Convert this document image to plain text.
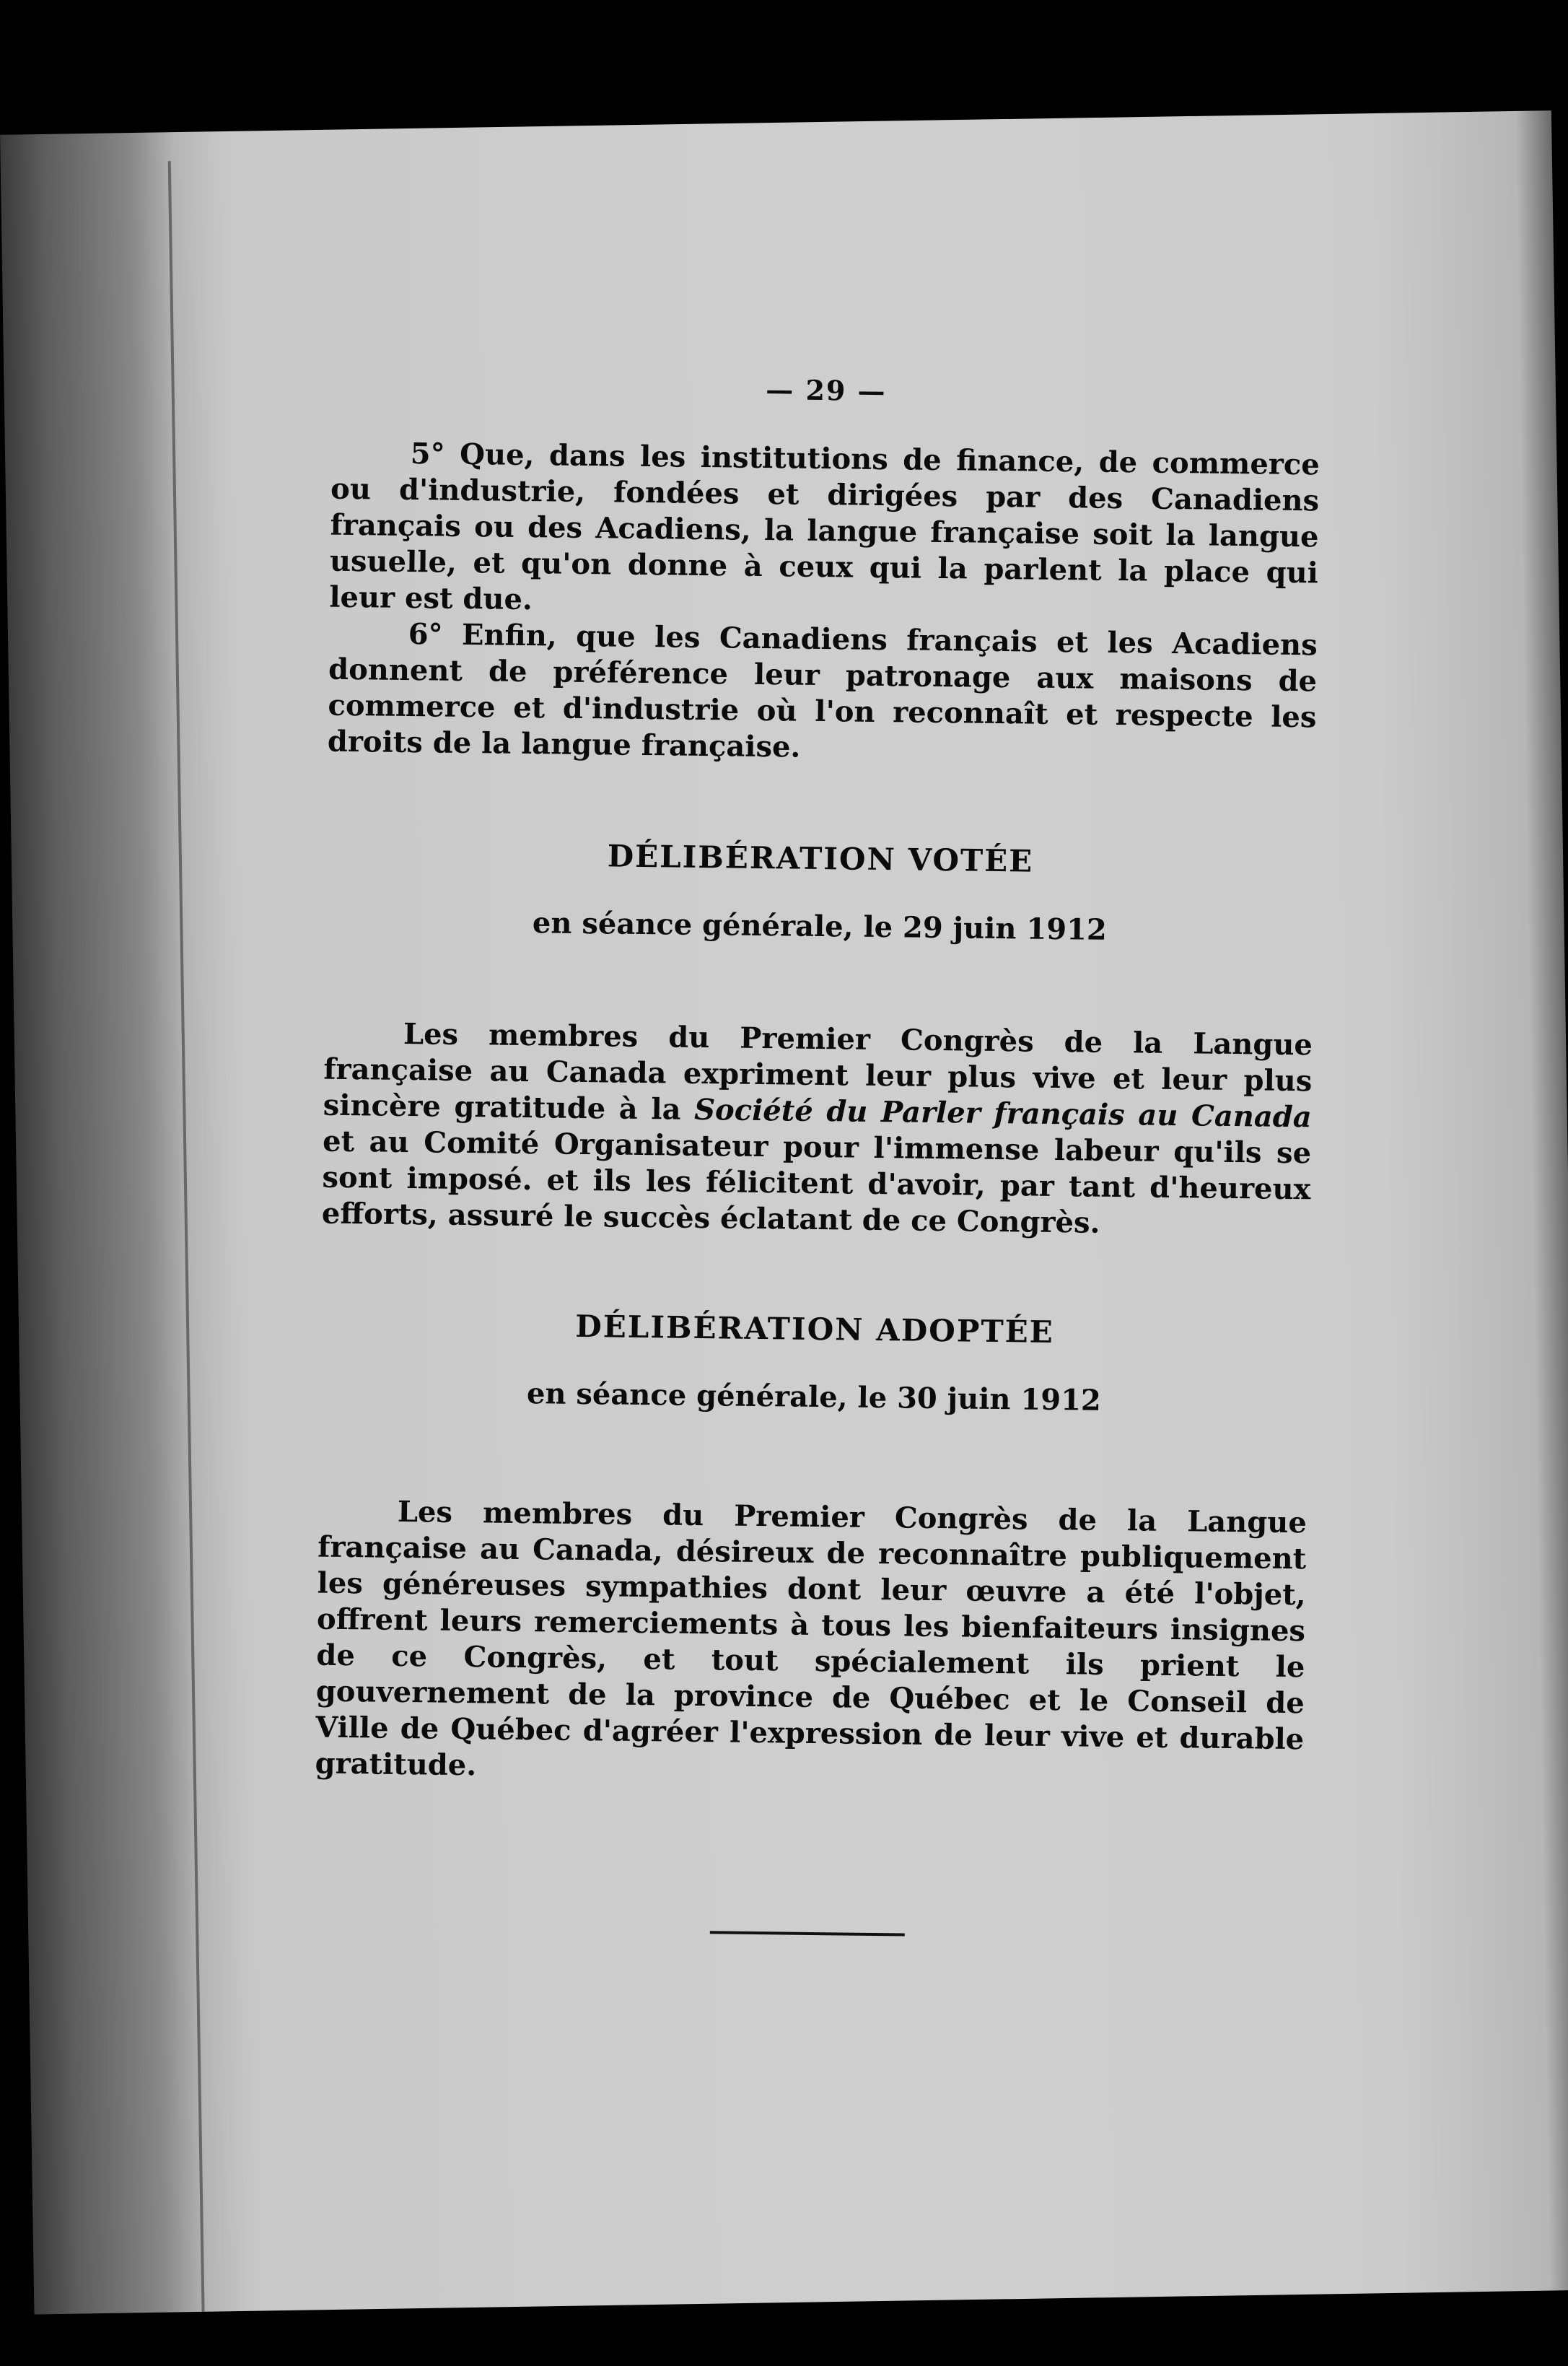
— 29 —

5° Que, dans les institutions de finance, de commerce ou d'industrie, fondées et dirigées par des Canadiens français ou des Acadiens, la langue française soit la langue usuelle, et qu'on donne à ceux qui la parlent la place qui leur est due.

6° Enfin, que les Canadiens français et les Acadiens donnent de préférence leur patronage aux maisons de commerce et d'industrie où l'on reconnaît et respecte les droits de la langue française.

DÉLIBÉRATION VOTÉE
en séance générale, le 29 juin 1912

Les membres du Premier Congrès de la Langue française au Canada expriment leur plus vive et leur plus sincère gratitude à la Société du Parler français au Canada et au Comité Organisateur pour l'immense labeur qu'ils se sont imposé. et ils les félicitent d'avoir, par tant d'heureux efforts, assuré le succès éclatant de ce Congrès.

DÉLIBÉRATION ADOPTÉE
en séance générale, le 30 juin 1912

Les membres du Premier Congrès de la Langue française au Canada, désireux de reconnaître publiquement les généreuses sympathies dont leur œuvre a été l'objet, offrent leurs remerciements à tous les bienfaiteurs insignes de ce Congrès, et tout spécialement ils prient le gouvernement de la province de Québec et le Conseil de Ville de Québec d'agréer l'expression de leur vive et durable gratitude.
